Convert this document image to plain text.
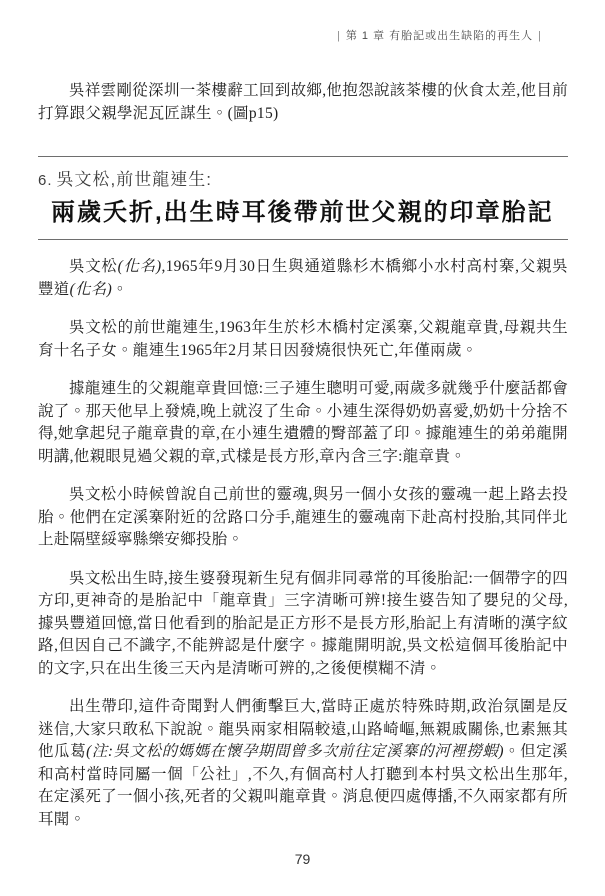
| 第 1 章 有胎記或出生缺陷的再生人 |

吳祥雲剛從深圳一茶樓辭工回到故鄉,他抱怨說該茶樓的伙食太差,他目前打算跟父親學泥瓦匠謀生。(圖p15)

6. 吳文松,前世龍連生:
兩歲夭折,出生時耳後帶前世父親的印章胎記

吳文松(化名),1965年9月30日生與通道縣杉木橋鄉小水村高村寨,父親吳豐道(化名)。

吳文松的前世龍連生,1963年生於杉木橋村定溪寨,父親龍章貴,母親共生育十名子女。龍連生1965年2月某日因發燒很快死亡,年僅兩歲。

據龍連生的父親龍章貴回憶:三子連生聰明可愛,兩歲多就幾乎什麼話都會說了。那天他早上發燒,晚上就沒了生命。小連生深得奶奶喜愛,奶奶十分捨不得,她拿起兒子龍章貴的章,在小連生遺體的臀部蓋了印。據龍連生的弟弟龍開明講,他親眼見過父親的章,式樣是長方形,章內含三字:龍章貴。

吳文松小時候曾說自己前世的靈魂,與另一個小女孩的靈魂一起上路去投胎。他們在定溪寨附近的岔路口分手,龍連生的靈魂南下赴高村投胎,其同伴北上赴隔壁綏寧縣樂安鄉投胎。

吳文松出生時,接生婆發現新生兒有個非同尋常的耳後胎記:一個帶字的四方印,更神奇的是胎記中「龍章貴」三字清晰可辨!接生婆告知了嬰兒的父母,據吳豐道回憶,當日他看到的胎記是正方形不是長方形,胎記上有清晰的漢字紋路,但因自己不識字,不能辨認是什麼字。據龍開明說,吳文松這個耳後胎記中的文字,只在出生後三天內是清晰可辨的,之後便模糊不清。

出生帶印,這件奇聞對人們衝擊巨大,當時正處於特殊時期,政治氛圍是反迷信,大家只敢私下說說。龍吳兩家相隔較遠,山路崎嶇,無親戚關係,也素無其他瓜葛(注:吳文松的媽媽在懷孕期間曾多次前往定溪寨的河裡撈蝦)。但定溪和高村當時同屬一個「公社」,不久,有個高村人打聽到本村吳文松出生那年,在定溪死了一個小孩,死者的父親叫龍章貴。消息便四處傳播,不久兩家都有所耳聞。

79
